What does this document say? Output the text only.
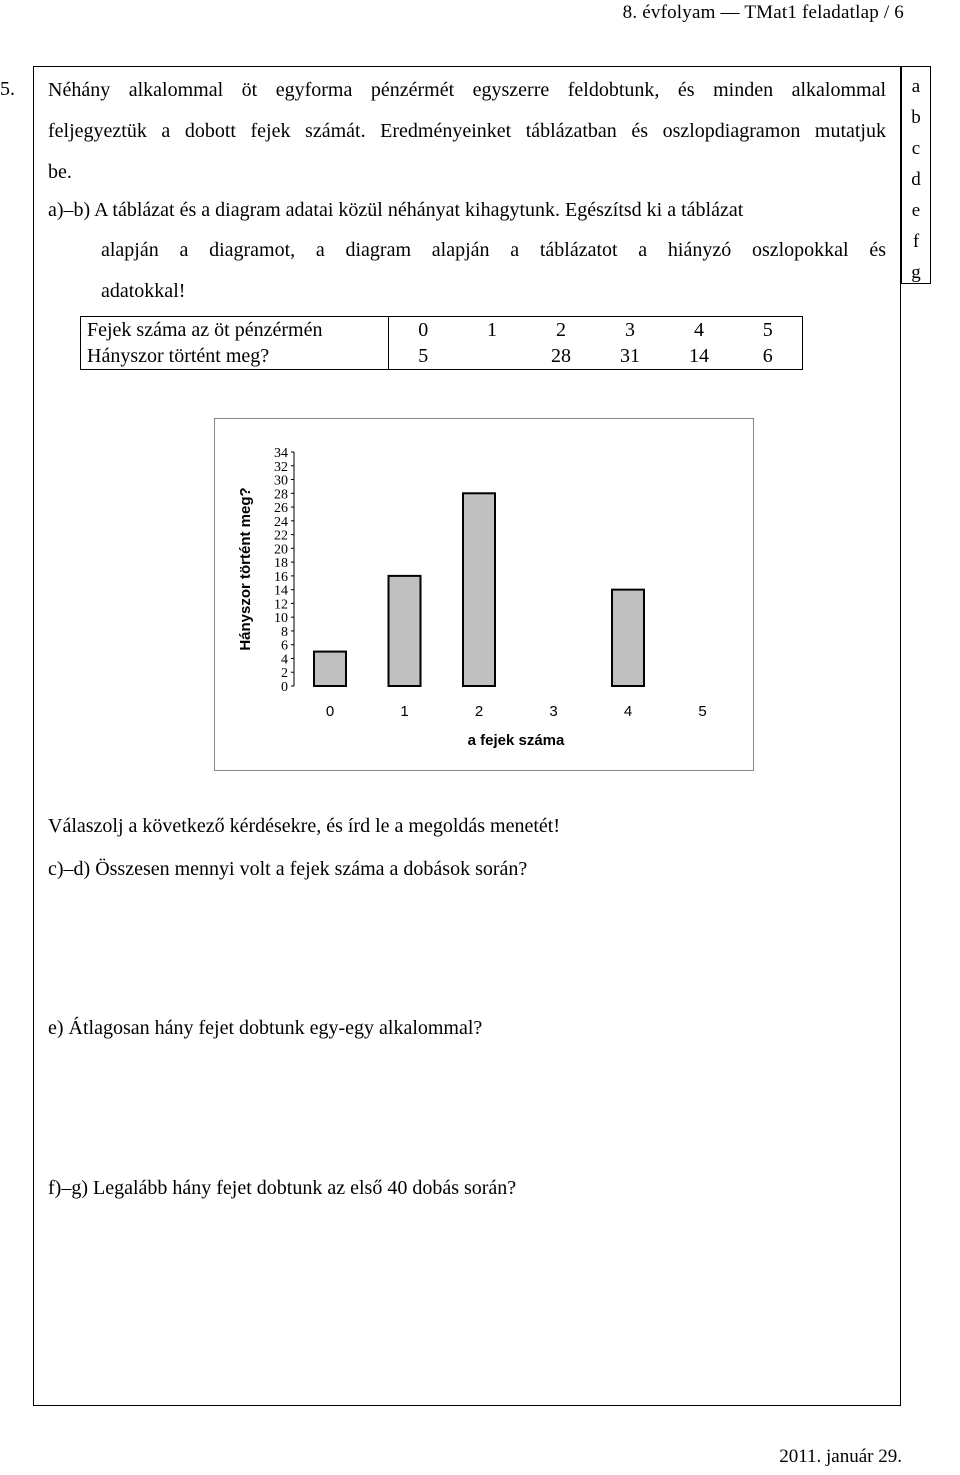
8. évfolyam — TMat1 feladatlap / 6
5.	a
b
c
d
e
f
g
Néhány alkalommal öt egyforma pénzérmét egyszerre feldobtunk, és minden alkalommal
feljegyeztük a dobott fejek számát. Eredményeinket táblázatban és oszlopdiagramon mutatjuk
be.
a)–b) A táblázat és a diagram adatai közül néhányat kihagytunk. Egészítsd ki a táblázat
alapján a diagramot, a diagram alapján a táblázatot a hiányzó oszlopokkal és
adatokkal!
Fejek száma az öt pénzérmén	0	1	2	3	4	5
Hányszor történt meg?	5		28	31	14	6
0
2
4
6
8
10
12
14
16
18
20
22
24
26
28
30
32
34
Hányszor történt meg?
0	1	2	3	4	5
a fejek száma
Válaszolj a következő kérdésekre, és írd le a megoldás menetét!
c)–d) Összesen mennyi volt a fejek száma a dobások során?
e) Átlagosan hány fejet dobtunk egy-egy alkalommal?
f)–g) Legalább hány fejet dobtunk az első 40 dobás során?
2011. január 29.
